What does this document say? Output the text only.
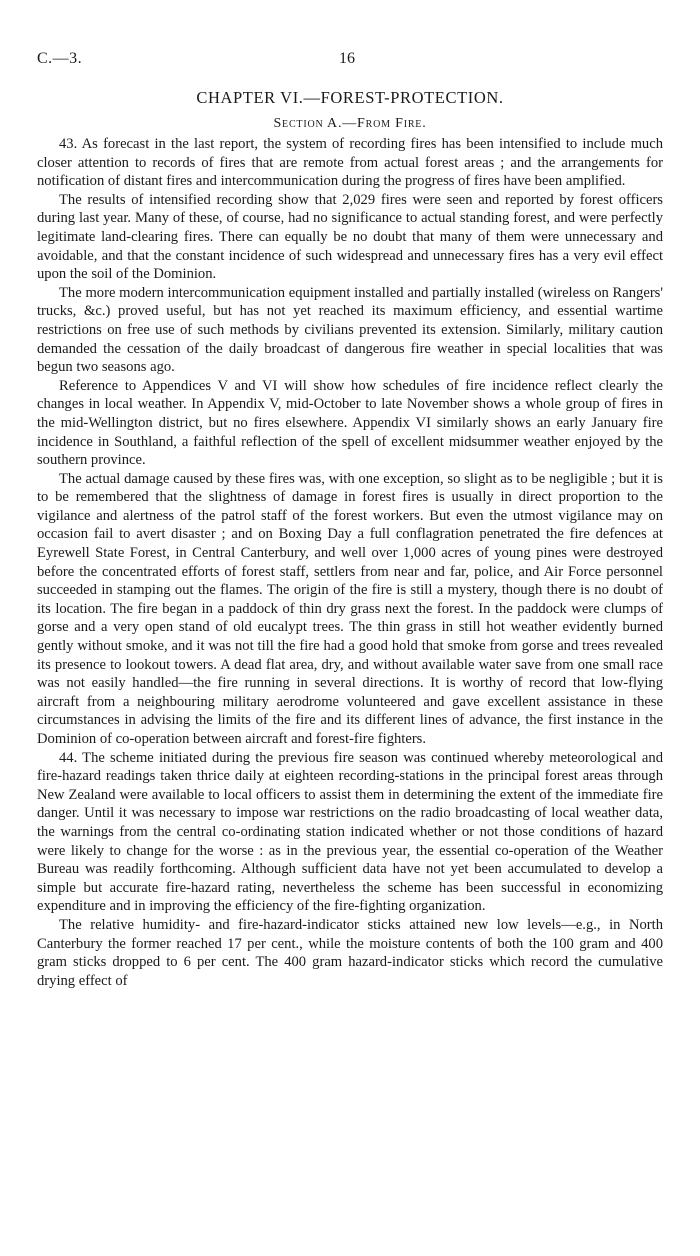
C.—3.	16
CHAPTER VI.—FOREST-PROTECTION.
Section A.—From Fire.

43. As forecast in the last report, the system of recording fires has been intensified to include much closer attention to records of fires that are remote from actual forest areas ; and the arrangements for notification of distant fires and intercommunication during the progress of fires have been amplified.

The results of intensified recording show that 2,029 fires were seen and reported by forest officers during last year. Many of these, of course, had no significance to actual standing forest, and were perfectly legitimate land-clearing fires. There can equally be no doubt that many of them were unnecessary and avoidable, and that the constant incidence of such widespread and unnecessary fires has a very evil effect upon the soil of the Dominion.

The more modern intercommunication equipment installed and partially installed (wireless on Rangers' trucks, &c.) proved useful, but has not yet reached its maximum efficiency, and essential wartime restrictions on free use of such methods by civilians prevented its extension. Similarly, military caution demanded the cessation of the daily broadcast of dangerous fire weather in special localities that was begun two seasons ago.

Reference to Appendices V and VI will show how schedules of fire incidence reflect clearly the changes in local weather. In Appendix V, mid-October to late November shows a whole group of fires in the mid-Wellington district, but no fires elsewhere. Appendix VI similarly shows an early January fire incidence in Southland, a faithful reflection of the spell of excellent midsummer weather enjoyed by the southern province.

The actual damage caused by these fires was, with one exception, so slight as to be negligible ; but it is to be remembered that the slightness of damage in forest fires is usually in direct proportion to the vigilance and alertness of the patrol staff of the forest workers. But even the utmost vigilance may on occasion fail to avert disaster ; and on Boxing Day a full conflagration penetrated the fire defences at Eyrewell State Forest, in Central Canterbury, and well over 1,000 acres of young pines were destroyed before the concentrated efforts of forest staff, settlers from near and far, police, and Air Force personnel succeeded in stamping out the flames. The origin of the fire is still a mystery, though there is no doubt of its location. The fire began in a paddock of thin dry grass next the forest. In the paddock were clumps of gorse and a very open stand of old eucalypt trees. The thin grass in still hot weather evidently burned gently without smoke, and it was not till the fire had a good hold that smoke from gorse and trees revealed its presence to lookout towers. A dead flat area, dry, and without available water save from one small race was not easily handled—the fire running in several directions. It is worthy of record that low-flying aircraft from a neighbouring military aerodrome volunteered and gave excellent assistance in these circumstances in advising the limits of the fire and its different lines of advance, the first instance in the Dominion of co-operation between aircraft and forest-fire fighters.

44. The scheme initiated during the previous fire season was continued whereby meteorological and fire-hazard readings taken thrice daily at eighteen recording-stations in the principal forest areas through New Zealand were available to local officers to assist them in determining the extent of the immediate fire danger. Until it was necessary to impose war restrictions on the radio broadcasting of local weather data, the warnings from the central co-ordinating station indicated whether or not those conditions of hazard were likely to change for the worse : as in the previous year, the essential co-operation of the Weather Bureau was readily forthcoming. Although sufficient data have not yet been accumulated to develop a simple but accurate fire-hazard rating, nevertheless the scheme has been successful in economizing expenditure and in improving the efficiency of the fire-fighting organization.

The relative humidity- and fire-hazard-indicator sticks attained new low levels—e.g., in North Canterbury the former reached 17 per cent., while the moisture contents of both the 100 gram and 400 gram sticks dropped to 6 per cent. The 400 gram hazard-indicator sticks which record the cumulative drying effect of
